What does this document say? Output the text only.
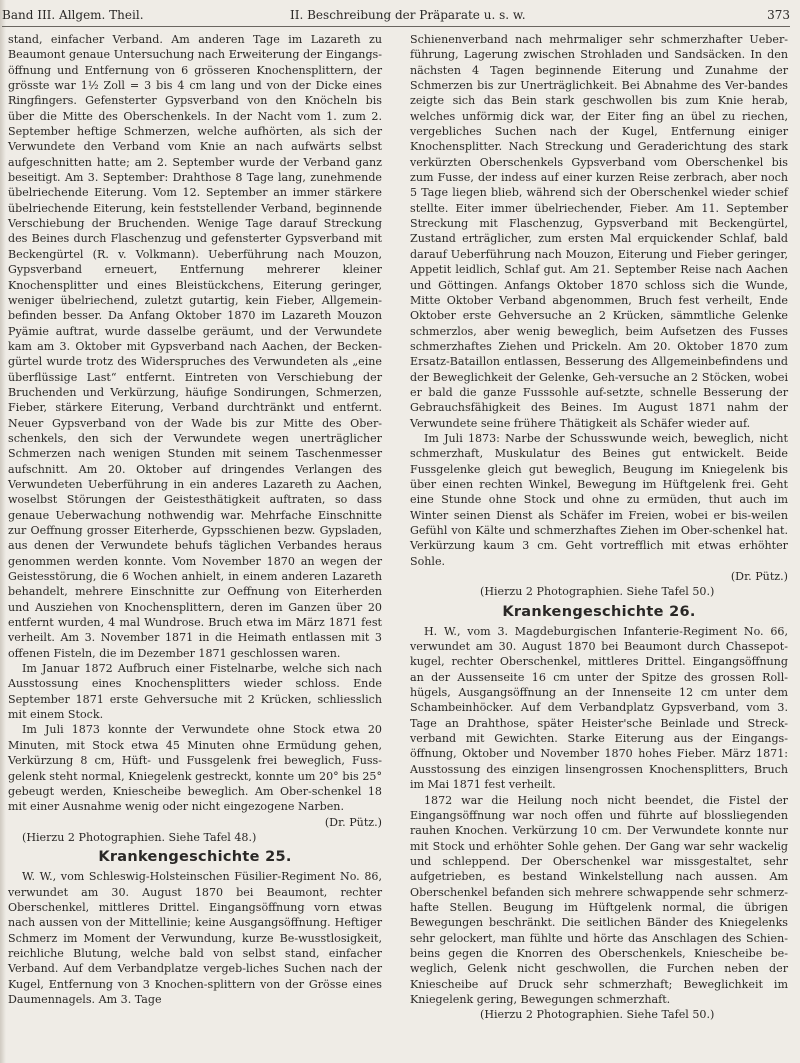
Band III. Allgem. Theil.	II. Beschreibung der Präparate u. s. w.	373

stand, einfacher Verband. Am anderen Tage im Lazareth zu Beaumont genaue Untersuchung nach Erweiterung der Eingangs-öffnung und Entfernung von 6 grösseren Knochensplittern, der grösste war 1½ Zoll = 3 bis 4 cm lang und von der Dicke eines Ringfingers. Gefensterter Gypsverband von den Knöcheln bis über die Mitte des Oberschenkels. In der Nacht vom 1. zum 2. September heftige Schmerzen, welche aufhörten, als sich der Verwundete den Verband vom Knie an nach aufwärts selbst aufgeschnitten hatte; am 2. September wurde der Verband ganz beseitigt. Am 3. September: Drahthose 8 Tage lang, zunehmende übelriechende Eiterung. Vom 12. September an immer stärkere übelriechende Eiterung, kein feststellender Verband, beginnende Verschiebung der Bruchenden. Wenige Tage darauf Streckung des Beines durch Flaschenzug und gefensterter Gypsverband mit Beckengürtel (R. v. Volkmann). Ueberführung nach Mouzon, Gypsverband erneuert, Entfernung mehrerer kleiner Knochensplitter und eines Bleistückchens, Eiterung geringer, weniger übelriechend, zuletzt gutartig, kein Fieber, Allgemein-befinden besser. Da Anfang Oktober 1870 im Lazareth Mouzon Pyämie auftrat, wurde dasselbe geräumt, und der Verwundete kam am 3. Oktober mit Gypsverband nach Aachen, der Becken-gürtel wurde trotz des Widerspruches des Verwundeten als „eine überflüssige Last“ entfernt. Eintreten von Verschiebung der Bruchenden und Verkürzung, häufige Sondirungen, Schmerzen, Fieber, stärkere Eiterung, Verband durchtränkt und entfernt. Neuer Gypsverband von der Wade bis zur Mitte des Ober-schenkels, den sich der Verwundete wegen unerträglicher Schmerzen nach wenigen Stunden mit seinem Taschenmesser aufschnitt. Am 20. Oktober auf dringendes Verlangen des Verwundeten Ueberführung in ein anderes Lazareth zu Aachen, woselbst Störungen der Geistesthätigkeit auftraten, so dass genaue Ueberwachung nothwendig war. Mehrfache Einschnitte zur Oeffnung grosser Eiterherde, Gypsschienen bezw. Gypsladen, aus denen der Verwundete behufs täglichen Verbandes heraus genommen werden konnte. Vom November 1870 an wegen der Geistesstörung, die 6 Wochen anhielt, in einem anderen Lazareth behandelt, mehrere Einschnitte zur Oeffnung von Eiterherden und Ausziehen von Knochensplittern, deren im Ganzen über 20 entfernt wurden, 4 mal Wundrose. Bruch etwa im März 1871 fest verheilt. Am 3. November 1871 in die Heimath entlassen mit 3 offenen Fisteln, die im Dezember 1871 geschlossen waren.

Im Januar 1872 Aufbruch einer Fistelnarbe, welche sich nach Ausstossung eines Knochensplitters wieder schloss. Ende September 1871 erste Gehversuche mit 2 Krücken, schliesslich mit einem Stock.

Im Juli 1873 konnte der Verwundete ohne Stock etwa 20 Minuten, mit Stock etwa 45 Minuten ohne Ermüdung gehen, Verkürzung 8 cm, Hüft- und Fussgelenk frei beweglich, Fuss-gelenk steht normal, Kniegelenk gestreckt, konnte um 20° bis 25° gebeugt werden, Kniescheibe beweglich. Am Ober-schenkel 18 mit einer Ausnahme wenig oder nicht eingezogene Narben.

(Dr. Pütz.)

(Hierzu 2 Photographien. Siehe Tafel 48.)

Krankengeschichte 25.

W. W., vom Schleswig-Holsteinschen Füsilier-Regiment No. 86, verwundet am 30. August 1870 bei Beaumont, rechter Oberschenkel, mittleres Drittel. Eingangsöffnung vorn etwas nach aussen von der Mittellinie; keine Ausgangsöffnung. Heftiger Schmerz im Moment der Verwundung, kurze Be-wusstlosigkeit, reichliche Blutung, welche bald von selbst stand, einfacher Verband. Auf dem Verbandplatze vergeb-liches Suchen nach der Kugel, Entfernung von 3 Knochen-splittern von der Grösse eines Daumennagels. Am 3. Tage

Schienenverband nach mehrmaliger sehr schmerzhafter Ueber-führung, Lagerung zwischen Strohladen und Sandsäcken. In den nächsten 4 Tagen beginnende Eiterung und Zunahme der Schmerzen bis zur Unerträglichkeit. Bei Abnahme des Ver-bandes zeigte sich das Bein stark geschwollen bis zum Knie herab, welches unförmig dick war, der Eiter fing an übel zu riechen, vergebliches Suchen nach der Kugel, Entfernung einiger Knochensplitter. Nach Streckung und Geraderichtung des stark verkürzten Oberschenkels Gypsverband vom Oberschenkel bis zum Fusse, der indess auf einer kurzen Reise zerbrach, aber noch 5 Tage liegen blieb, während sich der Oberschenkel wieder schief stellte. Eiter immer übelriechender, Fieber. Am 11. September Streckung mit Flaschenzug, Gypsverband mit Beckengürtel, Zustand erträglicher, zum ersten Mal erquickender Schlaf, bald darauf Ueberführung nach Mouzon, Eiterung und Fieber geringer, Appetit leidlich, Schlaf gut. Am 21. September Reise nach Aachen und Göttingen. Anfangs Oktober 1870 schloss sich die Wunde, Mitte Oktober Verband abgenommen, Bruch fest verheilt, Ende Oktober erste Gehversuche an 2 Krücken, sämmtliche Gelenke schmerzlos, aber wenig beweglich, beim Aufsetzen des Fusses schmerzhaftes Ziehen und Prickeln. Am 20. Oktober 1870 zum Ersatz-Bataillon entlassen, Besserung des Allgemeinbefindens und der Beweglichkeit der Gelenke, Geh-versuche an 2 Stöcken, wobei er bald die ganze Fusssohle auf-setzte, schnelle Besserung der Gebrauchsfähigkeit des Beines. Im August 1871 nahm der Verwundete seine frühere Thätigkeit als Schäfer wieder auf.

Im Juli 1873: Narbe der Schusswunde weich, beweglich, nicht schmerzhaft, Muskulatur des Beines gut entwickelt. Beide Fussgelenke gleich gut beweglich, Beugung im Kniegelenk bis über einen rechten Winkel, Bewegung im Hüftgelenk frei. Geht eine Stunde ohne Stock und ohne zu ermüden, thut auch im Winter seinen Dienst als Schäfer im Freien, wobei er bis-weilen Gefühl von Kälte und schmerzhaftes Ziehen im Ober-schenkel hat. Verkürzung kaum 3 cm. Geht vortrefflich mit etwas erhöhter Sohle.

(Dr. Pütz.)

(Hierzu 2 Photographien. Siehe Tafel 50.)

Krankengeschichte 26.

H. W., vom 3. Magdeburgischen Infanterie-Regiment No. 66, verwundet am 30. August 1870 bei Beaumont durch Chassepot-kugel, rechter Oberschenkel, mittleres Drittel. Eingangsöffnung an der Aussenseite 16 cm unter der Spitze des grossen Roll-hügels, Ausgangsöffnung an der Innenseite 12 cm unter dem Schambeinhöcker. Auf dem Verbandplatz Gypsverband, vom 3. Tage an Drahthose, später Heister'sche Beinlade und Streck-verband mit Gewichten. Starke Eiterung aus der Eingangs-öffnung, Oktober und November 1870 hohes Fieber. März 1871: Ausstossung des einzigen linsengrossen Knochensplitters, Bruch im Mai 1871 fest verheilt.

1872 war die Heilung noch nicht beendet, die Fistel der Eingangsöffnung war noch offen und führte auf blossliegenden rauhen Knochen. Verkürzung 10 cm. Der Verwundete konnte nur mit Stock und erhöhter Sohle gehen. Der Gang war sehr wackelig und schleppend. Der Oberschenkel war missgestaltet, sehr aufgetrieben, es bestand Winkelstellung nach aussen. Am Oberschenkel befanden sich mehrere schwappende sehr schmerz-hafte Stellen. Beugung im Hüftgelenk normal, die übrigen Bewegungen beschränkt. Die seitlichen Bänder des Kniegelenks sehr gelockert, man fühlte und hörte das Anschlagen des Schien-beins gegen die Knorren des Oberschenkels, Kniescheibe be-weglich, Gelenk nicht geschwollen, die Furchen neben der Kniescheibe auf Druck sehr schmerzhaft; Beweglichkeit im Kniegelenk gering, Bewegungen schmerzhaft.

(Hierzu 2 Photographien. Siehe Tafel 50.)
